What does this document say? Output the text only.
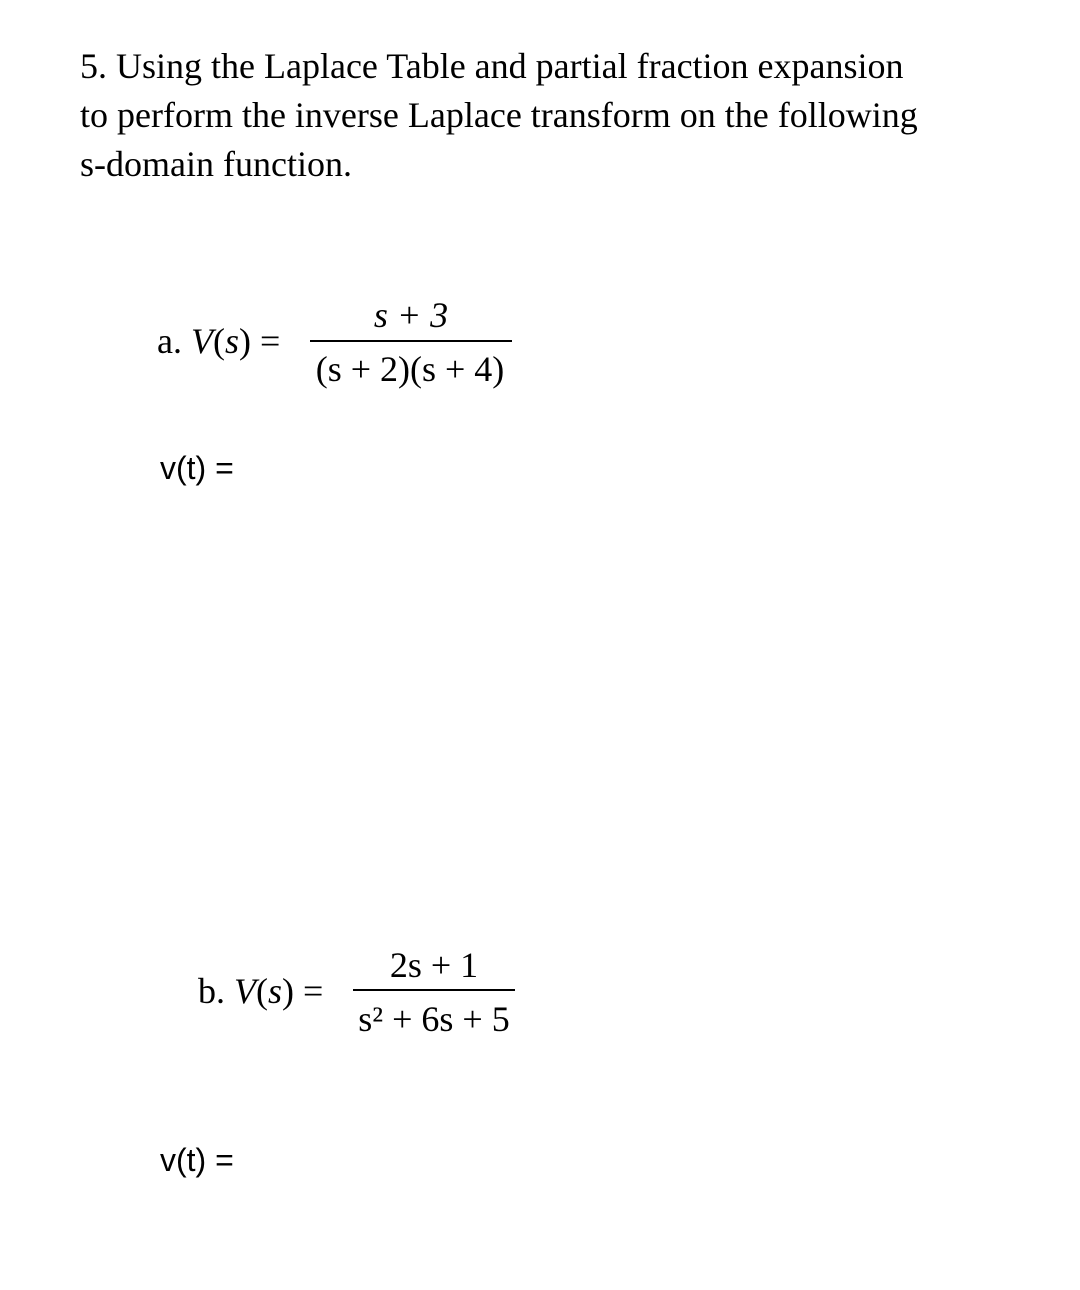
5. Using the Laplace Table and partial fraction expansion
to perform the inverse Laplace transform on the following
s-domain function.
a. V(s) =
s + 3
(s + 2)(s + 4)
v(t) =
b. V(s) =
2s + 1
s² + 6s + 5
v(t) =
